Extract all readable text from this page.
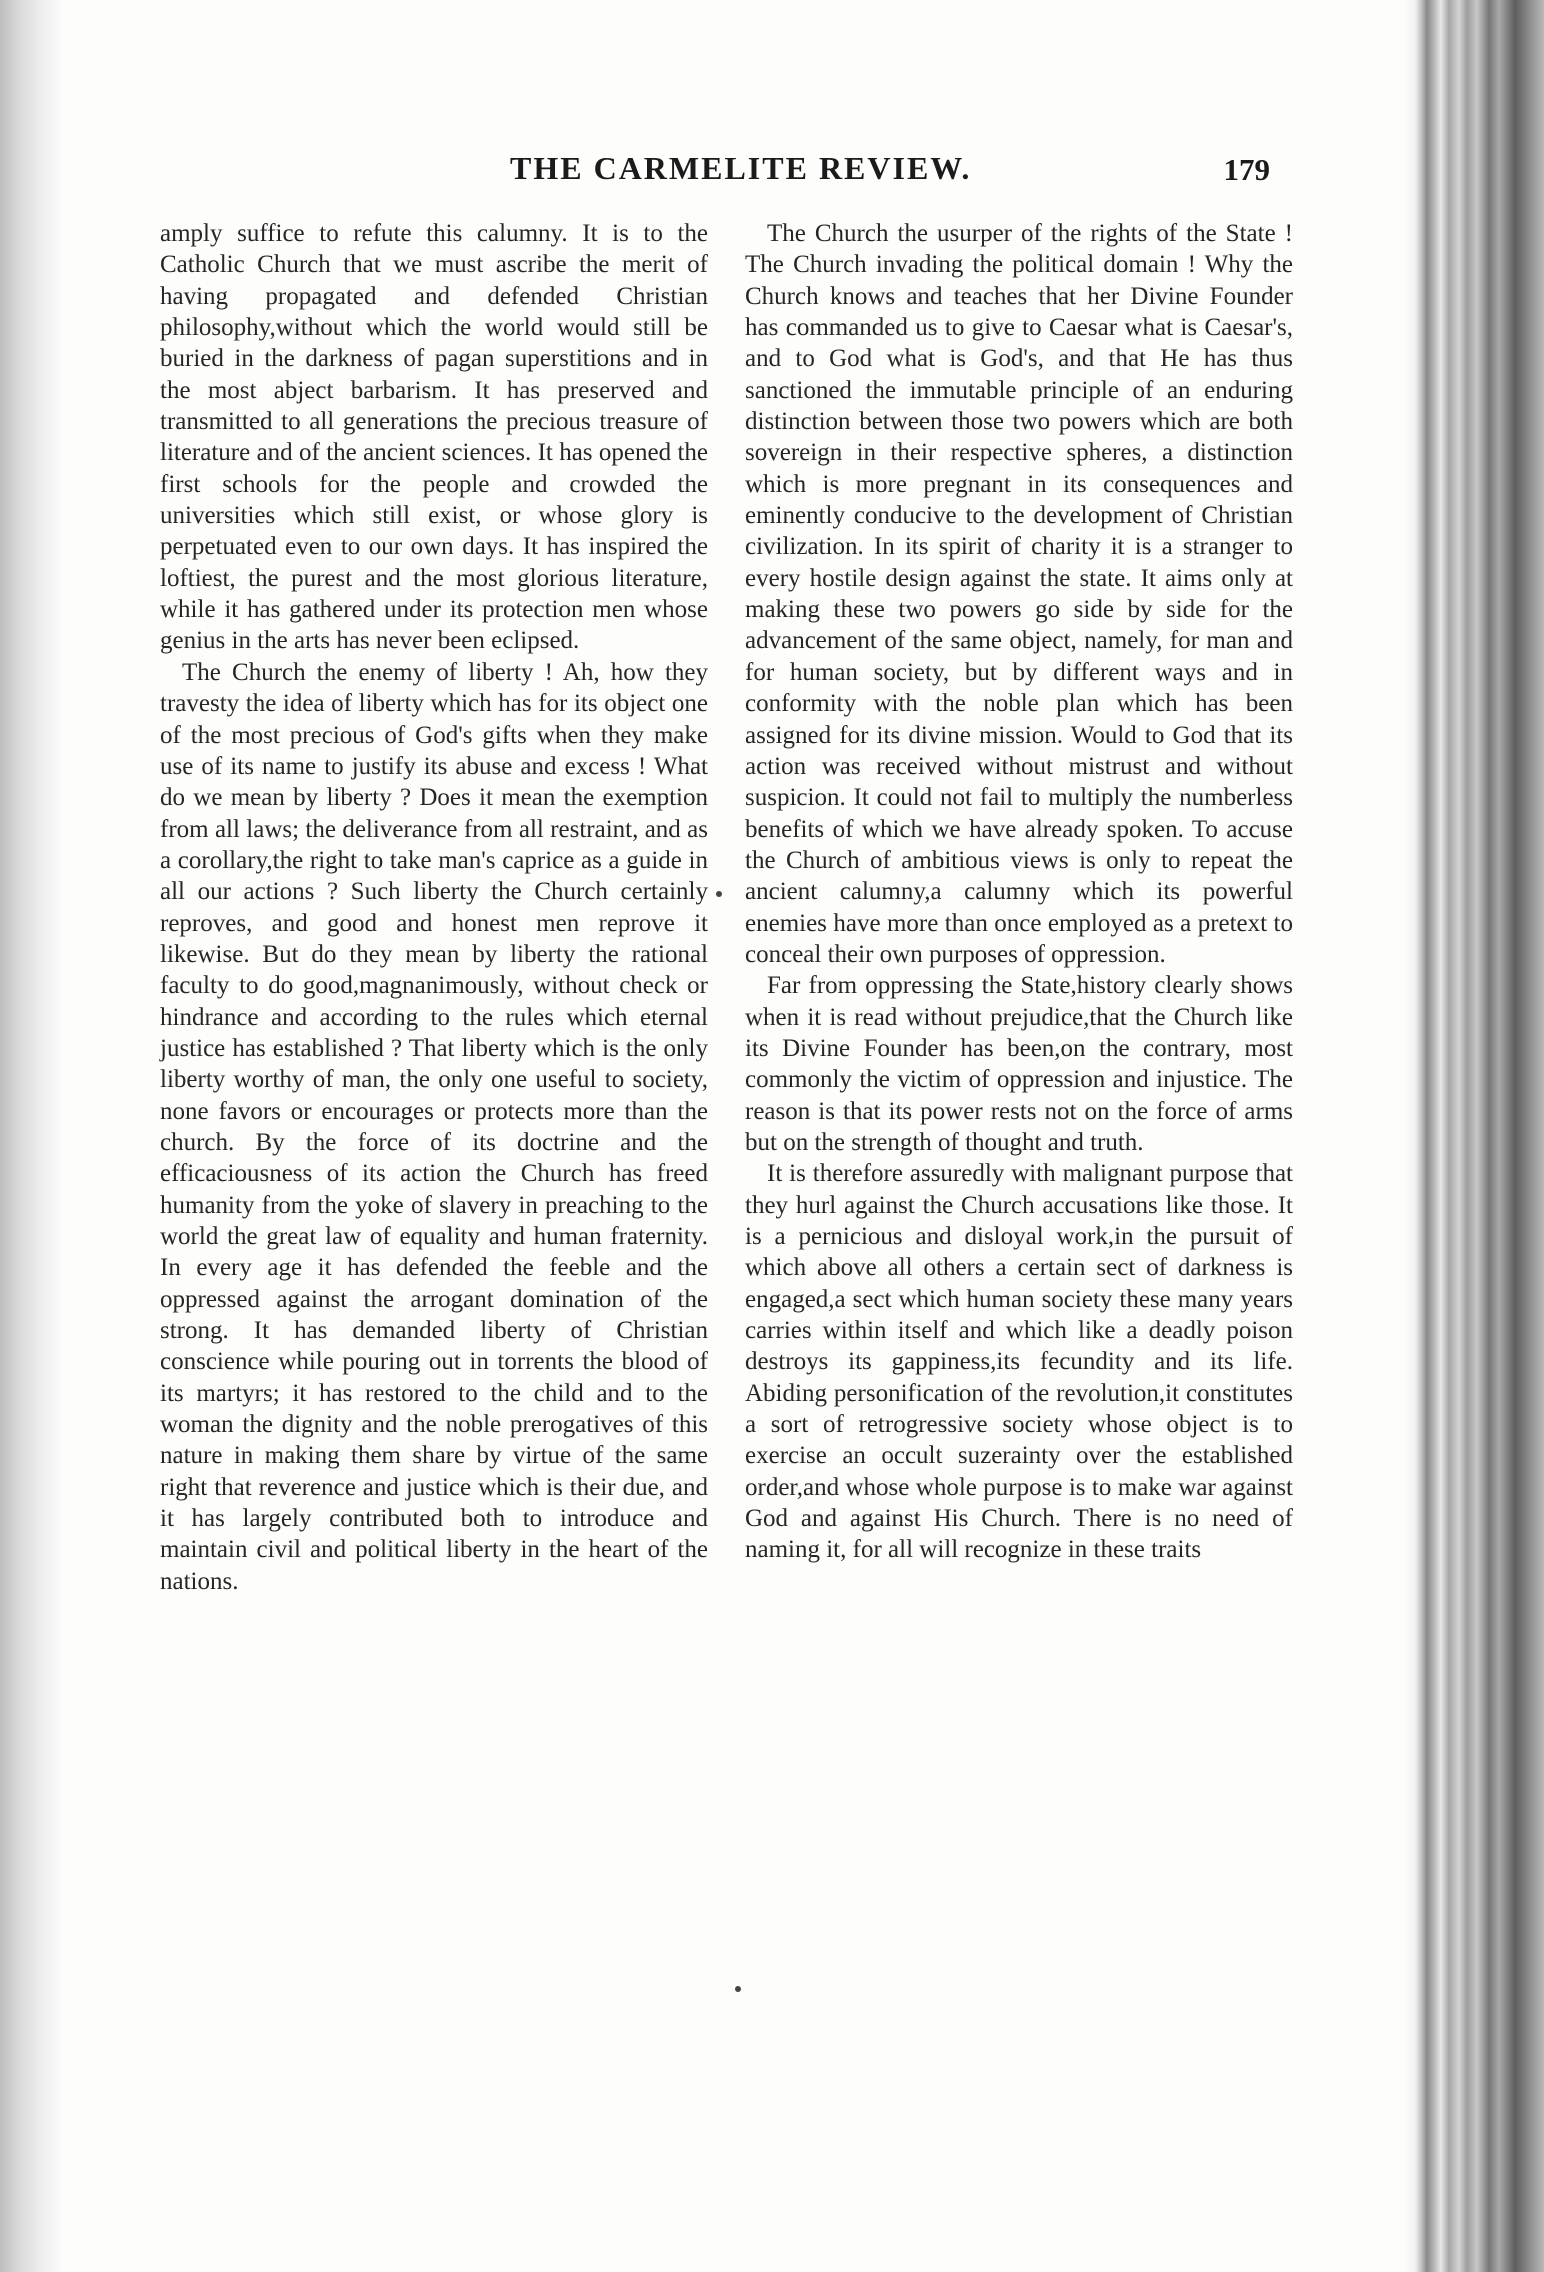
THE CARMELITE REVIEW.	179

amply suffice to refute this calumny. It is to the Catholic Church that we must ascribe the merit of having propagated and defended Christian philosophy,without which the world would still be buried in the darkness of pagan superstitions and in the most abject barbarism. It has preserved and transmitted to all generations the precious treasure of literature and of the ancient sciences. It has opened the first schools for the people and crowded the universities which still exist, or whose glory is perpetuated even to our own days. It has inspired the loftiest, the purest and the most glorious literature, while it has gathered under its protection men whose genius in the arts has never been eclipsed.

The Church the enemy of liberty ! Ah, how they travesty the idea of liberty which has for its object one of the most precious of God's gifts when they make use of its name to justify its abuse and excess ! What do we mean by liberty ? Does it mean the exemption from all laws; the deliverance from all restraint, and as a corollary,the right to take man's caprice as a guide in all our actions ? Such liberty the Church certainly reproves, and good and honest men reprove it likewise. But do they mean by liberty the rational faculty to do good,magnanimously, without check or hindrance and according to the rules which eternal justice has established ? That liberty which is the only liberty worthy of man, the only one useful to society, none favors or encourages or protects more than the church. By the force of its doctrine and the efficaciousness of its action the Church has freed humanity from the yoke of slavery in preaching to the world the great law of equality and human fraternity. In every age it has defended the feeble and the oppressed against the arrogant domination of the strong. It has demanded liberty of Christian conscience while pouring out in torrents the blood of its martyrs; it has restored to the child and to the woman the dignity and the noble prerogatives of this nature in making them share by virtue of the same right that reverence and justice which is their due, and it has largely contributed both to introduce and maintain civil and political liberty in the heart of the nations.

The Church the usurper of the rights of the State ! The Church invading the political domain ! Why the Church knows and teaches that her Divine Founder has commanded us to give to Caesar what is Caesar's, and to God what is God's, and that He has thus sanctioned the immutable principle of an enduring distinction between those two powers which are both sovereign in their respective spheres, a distinction which is more pregnant in its consequences and eminently conducive to the development of Christian civilization. In its spirit of charity it is a stranger to every hostile design against the state. It aims only at making these two powers go side by side for the advancement of the same object, namely, for man and for human society, but by different ways and in conformity with the noble plan which has been assigned for its divine mission. Would to God that its action was received without mistrust and without suspicion. It could not fail to multiply the numberless benefits of which we have already spoken. To accuse the Church of ambitious views is only to repeat the ancient calumny,a calumny which its powerful enemies have more than once employed as a pretext to conceal their own purposes of oppression.

Far from oppressing the State,history clearly shows when it is read without prejudice,that the Church like its Divine Founder has been,on the contrary, most commonly the victim of oppression and injustice. The reason is that its power rests not on the force of arms but on the strength of thought and truth.

It is therefore assuredly with malignant purpose that they hurl against the Church accusations like those. It is a pernicious and disloyal work,in the pursuit of which above all others a certain sect of darkness is engaged,a sect which human society these many years carries within itself and which like a deadly poison destroys its gappiness,its fecundity and its life. Abiding personification of the revolution,it constitutes a sort of retrogressive society whose object is to exercise an occult suzerainty over the established order,and whose whole purpose is to make war against God and against His Church. There is no need of naming it, for all will recognize in these traits
